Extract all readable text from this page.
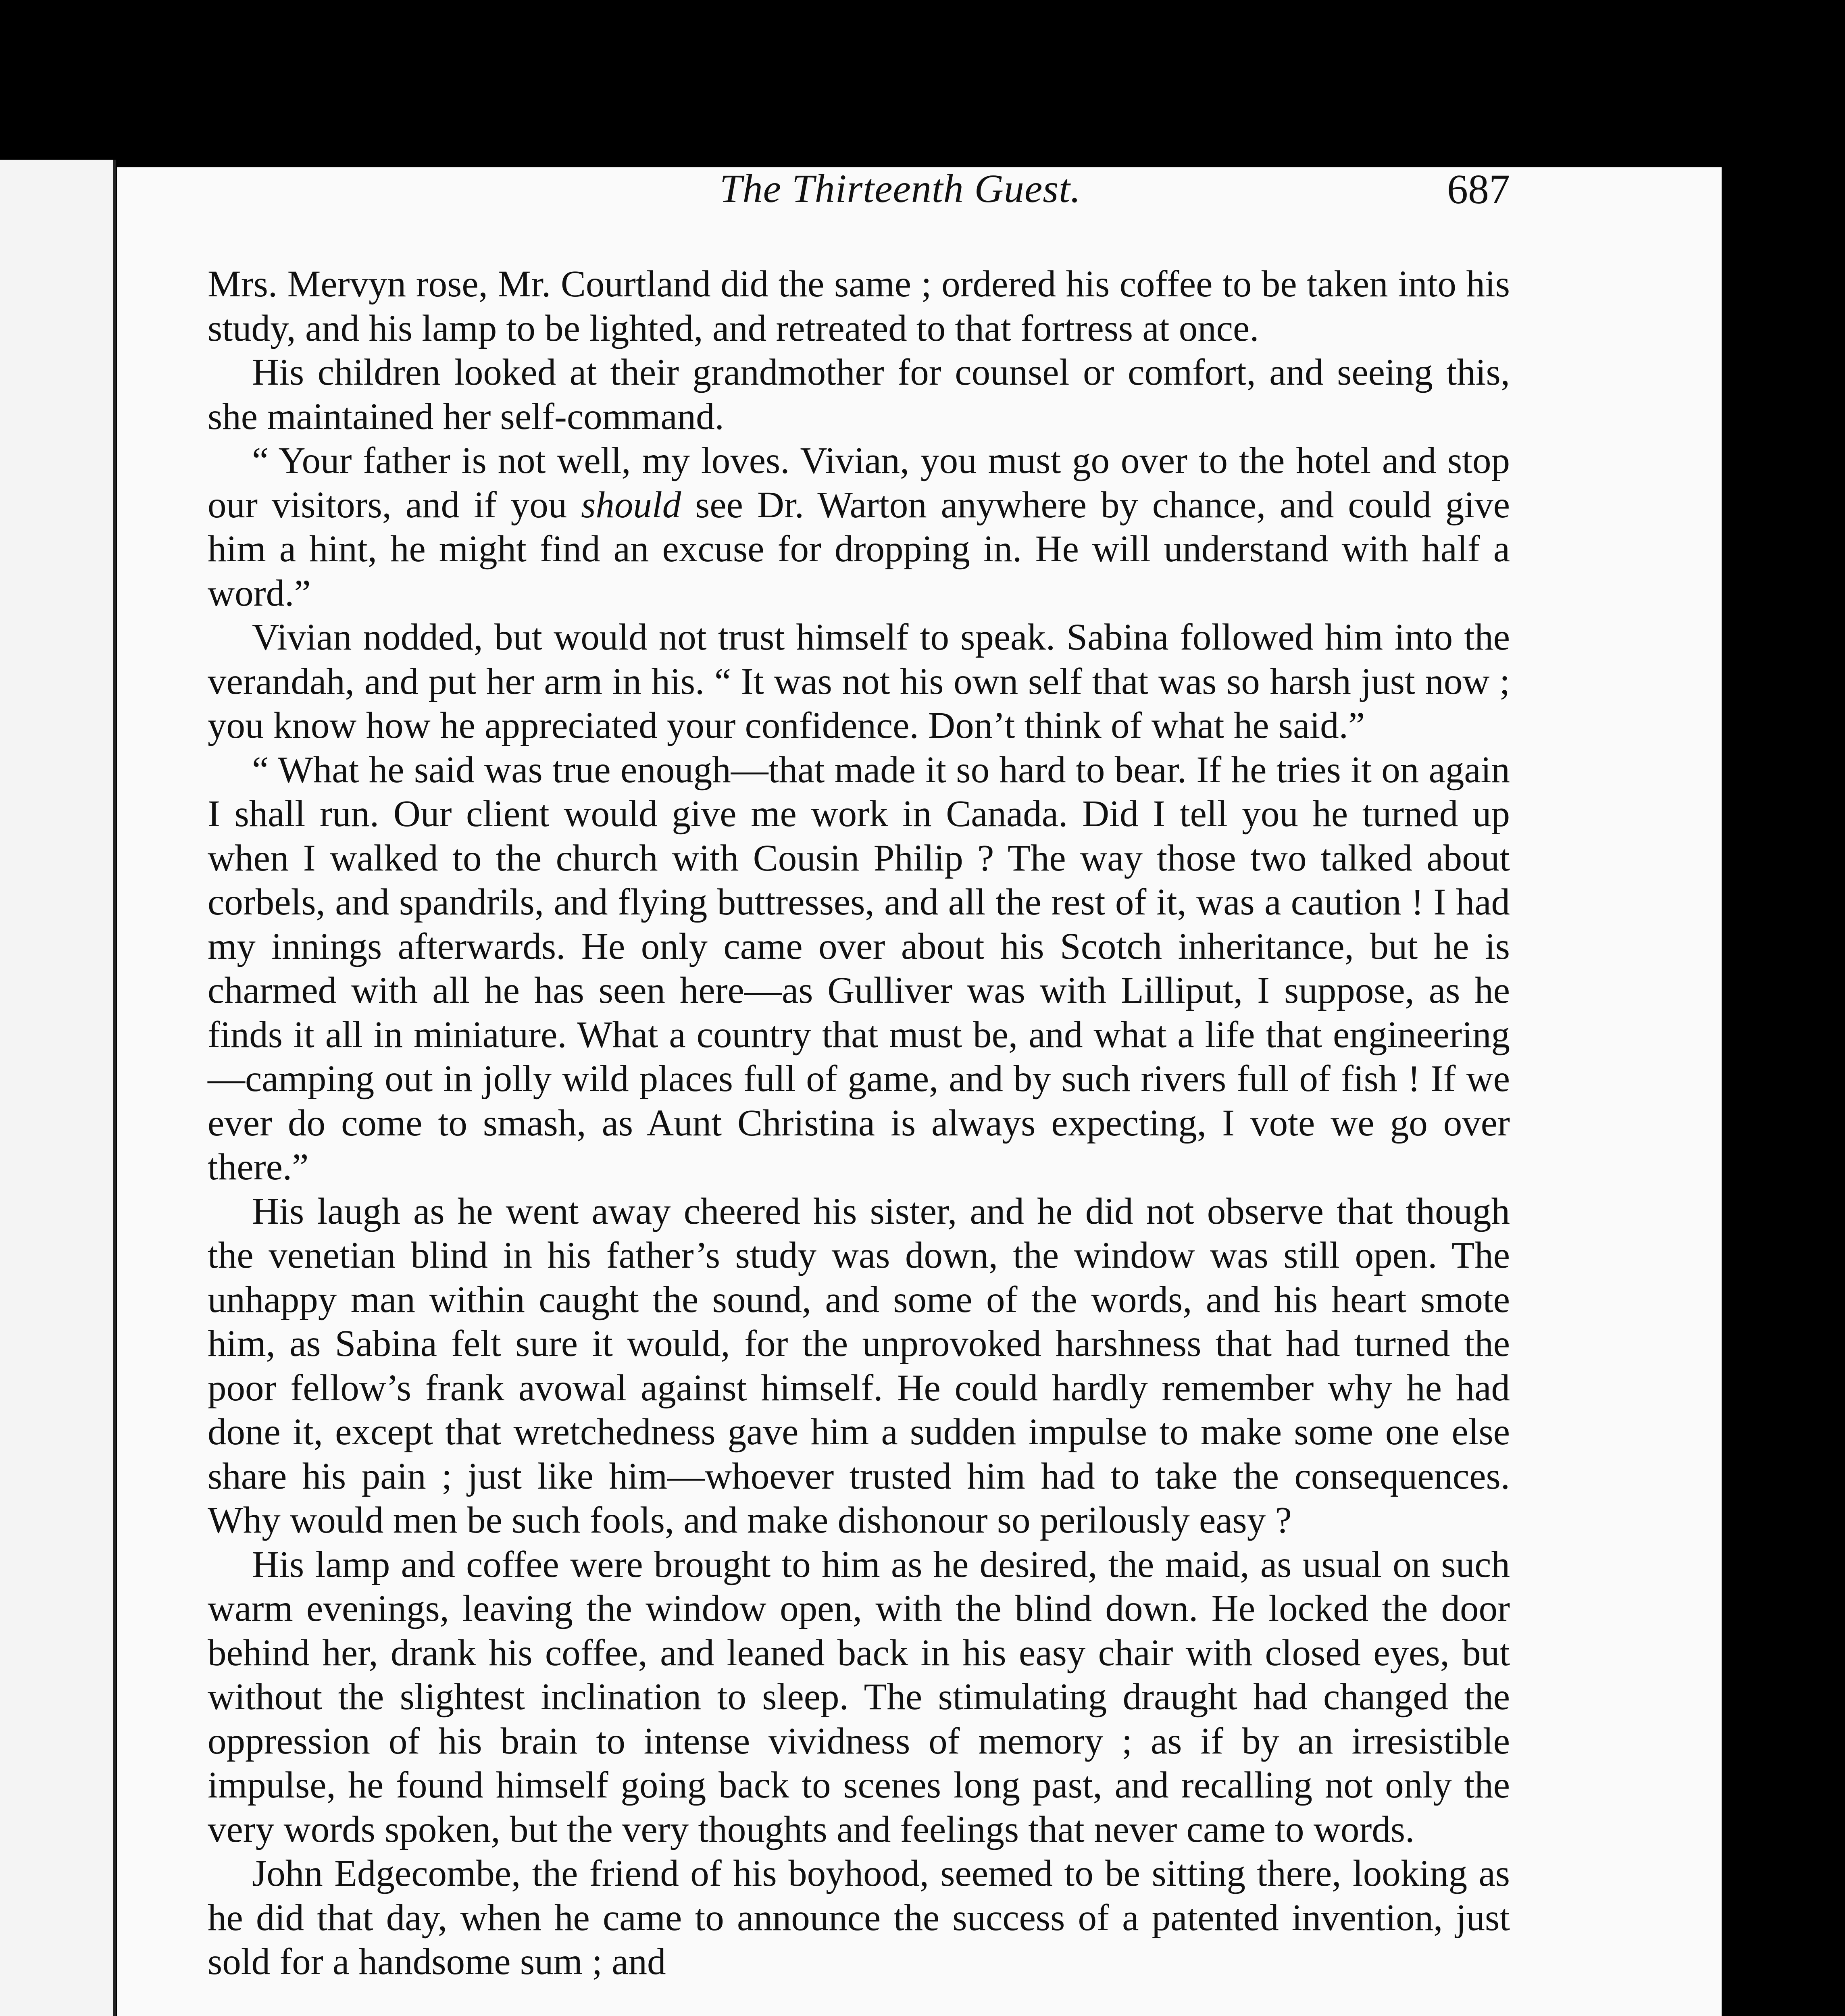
The Thirteenth Guest.	687

Mrs. Mervyn rose, Mr. Courtland did the same ; ordered his coffee to be taken into his study, and his lamp to be lighted, and retreated to that fortress at once.

His children looked at their grandmother for counsel or comfort, and seeing this, she maintained her self-command.

“ Your father is not well, my loves. Vivian, you must go over to the hotel and stop our visitors, and if you should see Dr. Warton anywhere by chance, and could give him a hint, he might find an excuse for dropping in. He will understand with half a word.”

Vivian nodded, but would not trust himself to speak. Sabina followed him into the verandah, and put her arm in his. “ It was not his own self that was so harsh just now ; you know how he appreciated your confidence. Don’t think of what he said.”

“ What he said was true enough—that made it so hard to bear. If he tries it on again I shall run. Our client would give me work in Canada. Did I tell you he turned up when I walked to the church with Cousin Philip ? The way those two talked about corbels, and spandrils, and flying buttresses, and all the rest of it, was a caution ! I had my innings afterwards. He only came over about his Scotch inheritance, but he is charmed with all he has seen here—as Gulliver was with Lilliput, I suppose, as he finds it all in miniature. What a country that must be, and what a life that engineering—camping out in jolly wild places full of game, and by such rivers full of fish ! If we ever do come to smash, as Aunt Christina is always expecting, I vote we go over there.”

His laugh as he went away cheered his sister, and he did not observe that though the venetian blind in his father’s study was down, the window was still open. The unhappy man within caught the sound, and some of the words, and his heart smote him, as Sabina felt sure it would, for the unprovoked harshness that had turned the poor fellow’s frank avowal against himself. He could hardly remember why he had done it, except that wretchedness gave him a sudden impulse to make some one else share his pain ; just like him—whoever trusted him had to take the consequences. Why would men be such fools, and make dishonour so perilously easy ?

His lamp and coffee were brought to him as he desired, the maid, as usual on such warm evenings, leaving the window open, with the blind down. He locked the door behind her, drank his coffee, and leaned back in his easy chair with closed eyes, but without the slightest inclination to sleep. The stimulating draught had changed the oppression of his brain to intense vividness of memory ; as if by an irresistible impulse, he found himself going back to scenes long past, and recalling not only the very words spoken, but the very thoughts and feelings that never came to words.

John Edgecombe, the friend of his boyhood, seemed to be sitting there, looking as he did that day, when he came to announce the success of a patented invention, just sold for a handsome sum ; and
